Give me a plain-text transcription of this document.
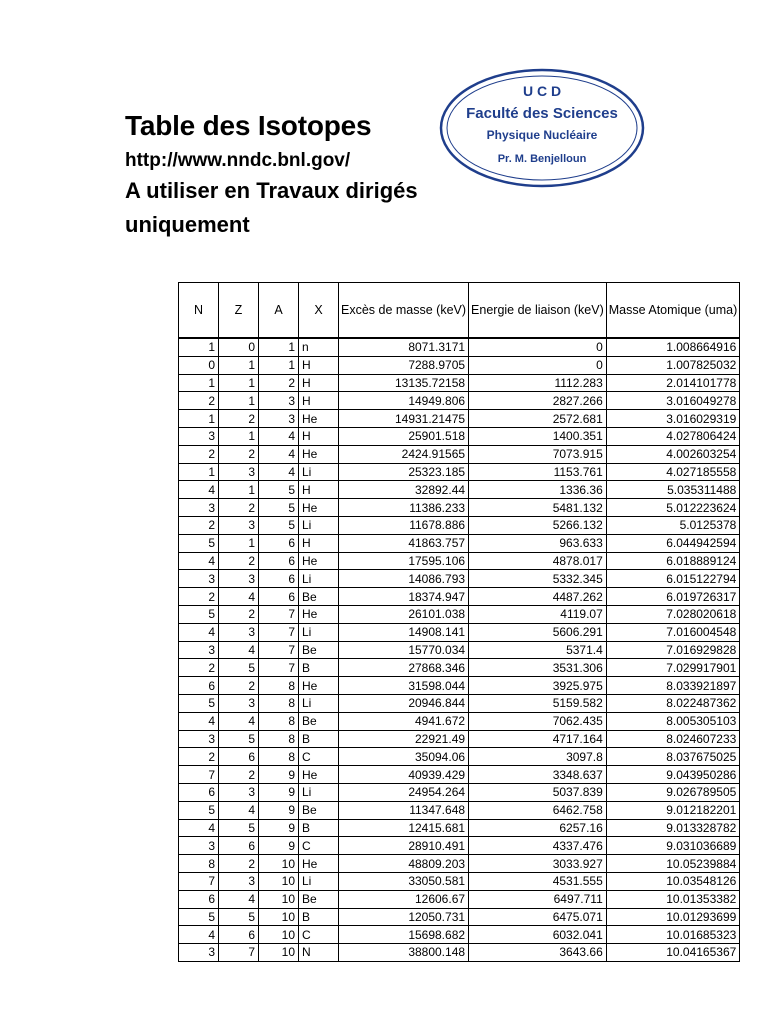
Table des Isotopes
http://www.nndc.bnl.gov/
A utiliser en Travaux dirigés uniquement
U C D
Faculté des Sciences
Physique Nucléaire
Pr. M. Benjelloun
N	Z	A	X	Excès de masse (keV)	Energie de liaison (keV)	Masse Atomique (uma)
1	0	1	n	8071.3171	0	1.008664916
0	1	1	H	7288.9705	0	1.007825032
1	1	2	H	13135.72158	1112.283	2.014101778
2	1	3	H	14949.806	2827.266	3.016049278
1	2	3	He	14931.21475	2572.681	3.016029319
3	1	4	H	25901.518	1400.351	4.027806424
2	2	4	He	2424.91565	7073.915	4.002603254
1	3	4	Li	25323.185	1153.761	4.027185558
4	1	5	H	32892.44	1336.36	5.035311488
3	2	5	He	11386.233	5481.132	5.012223624
2	3	5	Li	11678.886	5266.132	5.0125378
5	1	6	H	41863.757	963.633	6.044942594
4	2	6	He	17595.106	4878.017	6.018889124
3	3	6	Li	14086.793	5332.345	6.015122794
2	4	6	Be	18374.947	4487.262	6.019726317
5	2	7	He	26101.038	4119.07	7.028020618
4	3	7	Li	14908.141	5606.291	7.016004548
3	4	7	Be	15770.034	5371.4	7.016929828
2	5	7	B	27868.346	3531.306	7.029917901
6	2	8	He	31598.044	3925.975	8.033921897
5	3	8	Li	20946.844	5159.582	8.022487362
4	4	8	Be	4941.672	7062.435	8.005305103
3	5	8	B	22921.49	4717.164	8.024607233
2	6	8	C	35094.06	3097.8	8.037675025
7	2	9	He	40939.429	3348.637	9.043950286
6	3	9	Li	24954.264	5037.839	9.026789505
5	4	9	Be	11347.648	6462.758	9.012182201
4	5	9	B	12415.681	6257.16	9.013328782
3	6	9	C	28910.491	4337.476	9.031036689
8	2	10	He	48809.203	3033.927	10.05239884
7	3	10	Li	33050.581	4531.555	10.03548126
6	4	10	Be	12606.67	6497.711	10.01353382
5	5	10	B	12050.731	6475.071	10.01293699
4	6	10	C	15698.682	6032.041	10.01685323
3	7	10	N	38800.148	3643.66	10.04165367
